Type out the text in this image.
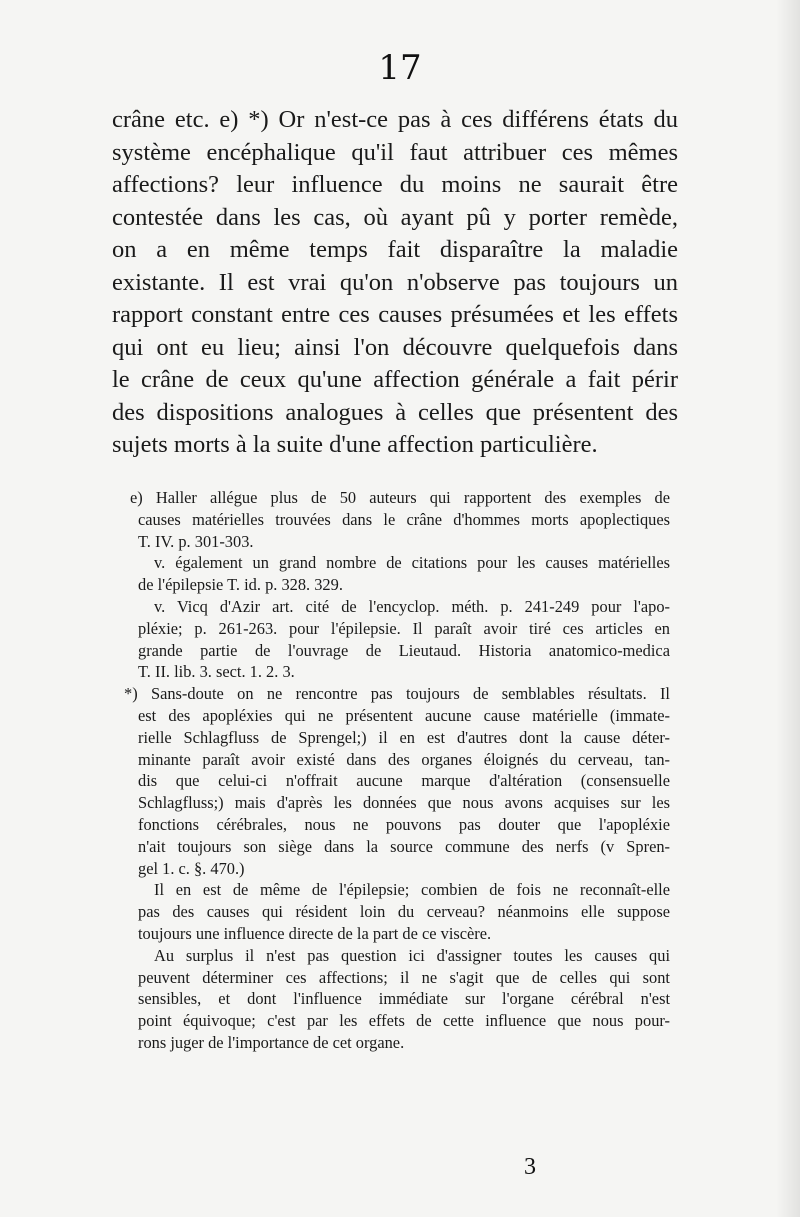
17
crâne etc. e) *) Or n'est-ce pas à ces différens états du
système encéphalique qu'il faut attribuer ces mêmes
affections? leur influence du moins ne saurait être
contestée dans les cas, où ayant pû y porter remède,
on a en même temps fait disparaître la maladie
existante. Il est vrai qu'on n'observe pas toujours un
rapport constant entre ces causes présumées et les effets
qui ont eu lieu; ainsi l'on découvre quelquefois dans
le crâne de ceux qu'une affection générale a fait périr
des dispositions analogues à celles que présentent des
sujets morts à la suite d'une affection particulière.
e) Haller allégue plus de 50 auteurs qui rapportent des exemples de
causes matérielles trouvées dans le crâne d'hommes morts apoplectiques
T. IV. p. 301-303.
v. également un grand nombre de citations pour les causes matérielles
de l'épilepsie T. id. p. 328. 329.
v. Vicq d'Azir art. cité de l'encyclop. méth. p. 241-249 pour l'apo-
pléxie; p. 261-263. pour l'épilepsie. Il paraît avoir tiré ces articles en
grande partie de l'ouvrage de Lieutaud. Historia anatomico-medica
T. II. lib. 3. sect. 1. 2. 3.
*) Sans-doute on ne rencontre pas toujours de semblables résultats. Il
est des apopléxies qui ne présentent aucune cause matérielle (immate-
rielle Schlagfluss de Sprengel;) il en est d'autres dont la cause déter-
minante paraît avoir existé dans des organes éloignés du cerveau, tan-
dis que celui-ci n'offrait aucune marque d'altération (consensuelle
Schlagfluss;) mais d'après les données que nous avons acquises sur les
fonctions cérébrales, nous ne pouvons pas douter que l'apopléxie
n'ait toujours son siège dans la source commune des nerfs (v Spren-
gel 1. c. §. 470.)
Il en est de même de l'épilepsie; combien de fois ne reconnaît-elle
pas des causes qui résident loin du cerveau? néanmoins elle suppose
toujours une influence directe de la part de ce viscère.
Au surplus il n'est pas question ici d'assigner toutes les causes qui
peuvent déterminer ces affections; il ne s'agit que de celles qui sont
sensibles, et dont l'influence immédiate sur l'organe cérébral n'est
point équivoque; c'est par les effets de cette influence que nous pour-
rons juger de l'importance de cet organe.
3
